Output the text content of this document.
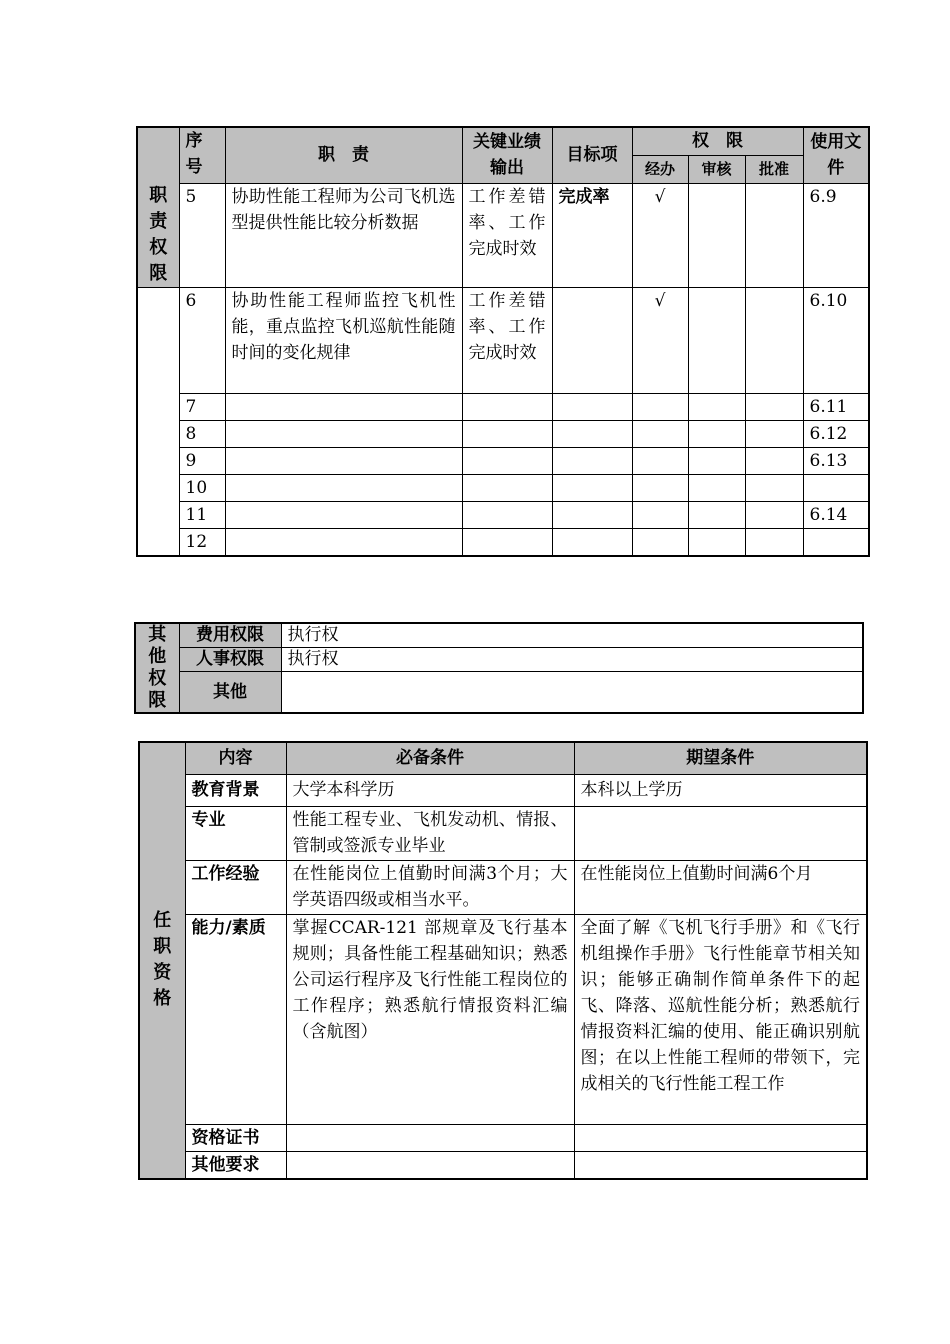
	序号	职　责	关键业绩输出	目标项	权　限			使用文件
					经办	审核	批准	

职
责
权
限	5	协助性能工程师为公司飞机选型提供性能比较分析数据	工作差错率、工作完成时效	完成率	√			6.9
	6	协助性能工程师监控飞机性能，重点监控飞机巡航性能随时间的变化规律	工作差错率、工作完成时效		√			6.10
	7							6.11
	8							6.12
	9							6.13
	10							
	11							6.14
	12							
其
他
权
限	费用权限	执行权
	人事权限	执行权
	其他	
任
职
资
格	内容	必备条件	期望条件
	教育背景	大学本科学历	本科以上学历
	专业	性能工程专业、飞机发动机、情报、管制或签派专业毕业	
	工作经验	在性能岗位上值勤时间满3个月；大学英语四级或相当水平。	在性能岗位上值勤时间满6个月
	能力/素质	掌握CCAR-121 部规章及飞行基本规则；具备性能工程基础知识；熟悉公司运行程序及飞行性能工程岗位的工作程序；熟悉航行情报资料汇编（含航图）	全面了解《飞机飞行手册》和《飞行机组操作手册》飞行性能章节相关知识；能够正确制作简单条件下的起飞、降落、巡航性能分析；熟悉航行情报资料汇编的使用、能正确识别航图；在以上性能工程师的带领下，完成相关的飞行性能工程工作
	资格证书		
	其他要求		
